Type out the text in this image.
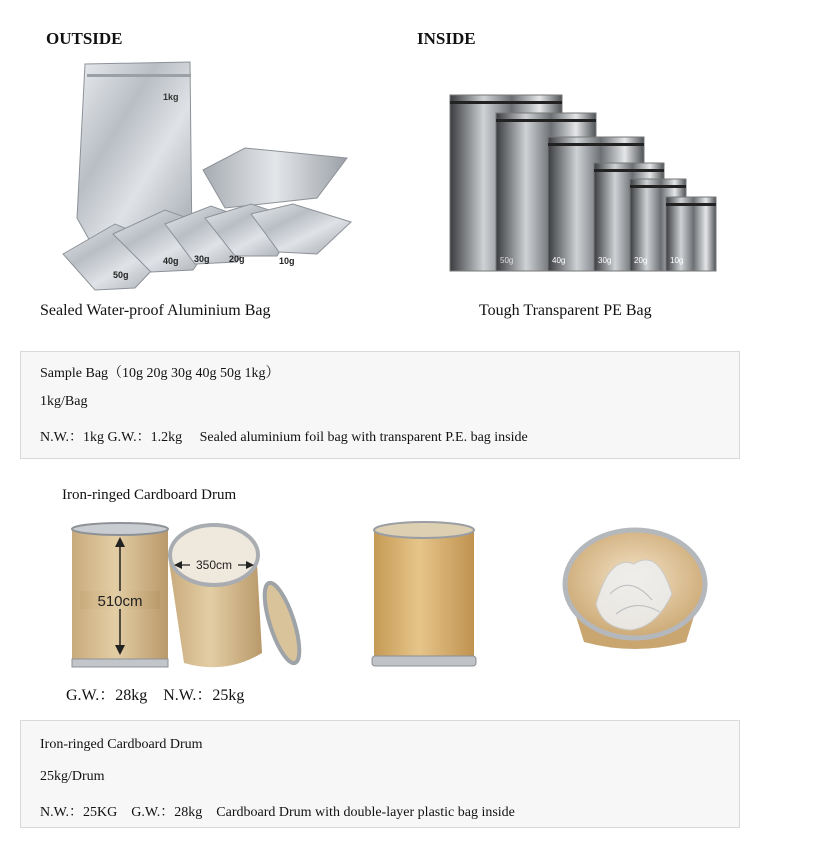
OUTSIDE	INSIDE
1kg
50g
40g 30g 20g	10g	50g	40g	30g	20g	10g
Sealed Water-proof Aluminium Bag	Tough Transparent PE Bag

Sample Bag（10g 20g 30g 40g 50g 1kg）

1kg/Bag

N.W.：1kg G.W.：1.2kg     Sealed aluminium foil bag with transparent P.E. bag inside

Iron-ringed Cardboard Drum
510cm
350cm
G.W.：28kg    N.W.：25kg

Iron-ringed Cardboard Drum

25kg/Drum

N.W.：25KG    G.W.：28kg    Cardboard Drum with double-layer plastic bag inside
